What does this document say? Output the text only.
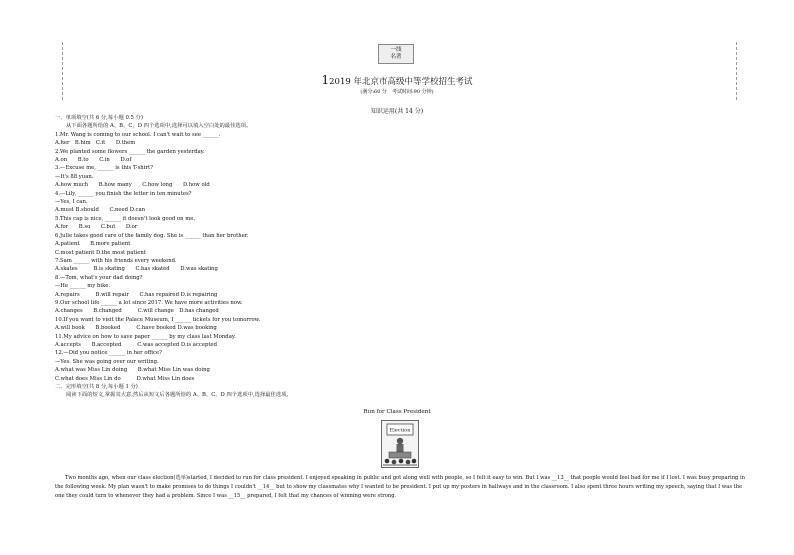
一线
名著
12019 年北京市高级中等学校招生考试
(满分:60 分　考试时间:90 分钟)
知识运用(共 14 分)
一、单项填空(共 6 分,每小题 0.5 分)
从下面各题所给的 A、B、C、D 四个选项中,选择可以填入空白处的最佳选项。
1.Mr. Wang is coming to our school. I can't wait to see ______.
A.her　B.him　C.it　　D.them
2.We planted some flowers ______ the garden yesterday.
A.on　　B.to　　C.in　　D.of
3.—Excuse me, ______ is this T-shirt?
—It's 88 yuan.
A.how much　　B.how many　　C.how long　　D.how old
4.—Lily, ______ you finish the letter in ten minutes?
—Yes, I can.
A.must B.should　　C.need D.can
5.This cap is nice, ______ it doesn't look good on me.
A.for　　B.so　　C.but　　D.or
6.Julie takes good care of the family dog. She is ______ than her brother.
A.patient　　B.more patient
C.most patient D.the most patient
7.Sam ______ with his friends every weekend.
A.skates　　　B.is skating　　C.has skated　　D.was skating
8.—Tom, what's your dad doing?
—He ______ my bike.
A.repairs　　　B.will repair　　C.has repaired D.is repairing
9.Our school life ______ a lot since 2017. We have more activities now.
A.changes　　B.changed　　　C.will change　D.has changed
10.If you want to visit the Palace Museum, I ______ tickets for you tomorrow.
A.will book　　B.booked　　　C.have booked D.was booking
11.My advice on how to save paper ______ by my class last Monday.
A.accepts　　B.accepted　　　C.was accepted D.is accepted
12.—Did you notice ______ in her office?
—Yes. She was going over our writing.
A.what was Miss Lin doing　　B.what Miss Lin was doing
C.what does Miss Lin do　　　D.what Miss Lin does
二、完形填空(共 8 分,每小题 1 分)
阅读下面的短文,掌握其大意,然后从短文后各题所给的 A、B、C、D 四个选项中,选择最佳选项。
Run for Class President
Election
Two months ago, when our class election(选举)started, I decided to run for class president. I enjoyed speaking in public and got along well with people, so I felt it easy to win. But I was __13__ that people would feel bad for me if I lost. I was busy preparing in the following week. My plan wasn't to make promises to do things I couldn't __14__ but to show my classmates why I wanted to be president. I put up my posters in hallways and in the classroom. I also spent three hours writing my speech, saying that I was the one they could turn to whenever they had a problem. Since I was __15__ prepared, I felt that my chances of winning were strong.
